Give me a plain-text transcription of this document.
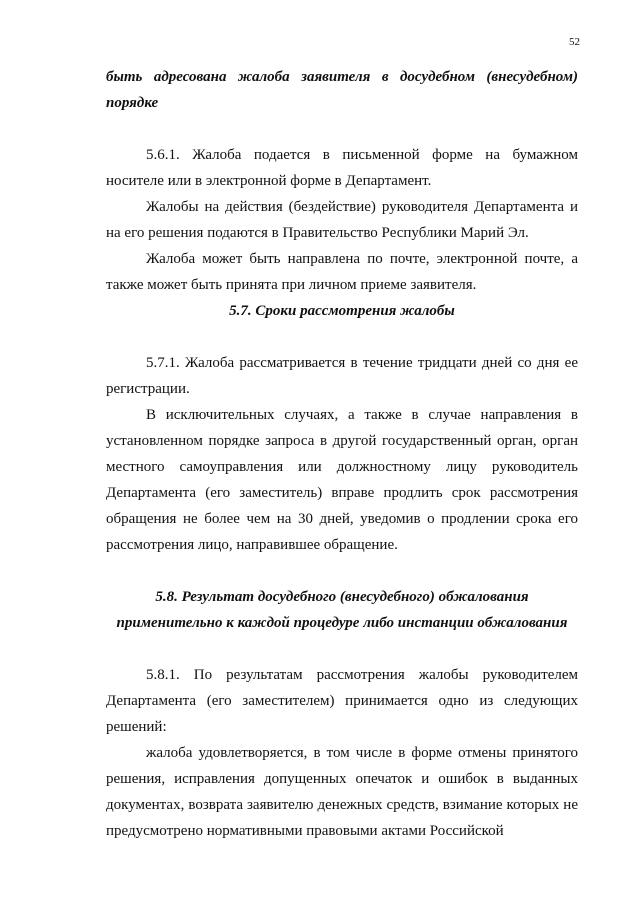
52
быть адресована жалоба заявителя в досудебном (внесудебном)
порядке
5.6.1. Жалоба подается в письменной форме на бумажном носителе или в электронной форме в Департамент.
Жалобы на действия (бездействие) руководителя Департамента и на его решения подаются в Правительство Республики Марий Эл.
Жалоба может быть направлена по почте, электронной почте, а также может быть принята при личном приеме заявителя.
5.7. Сроки рассмотрения жалобы
5.7.1. Жалоба рассматривается в течение тридцати дней со дня ее регистрации.
В исключительных случаях, а также в случае направления в установленном порядке запроса в другой государственный орган, орган местного самоуправления или должностному лицу руководитель Департамента (его заместитель) вправе продлить срок рассмотрения обращения не более чем на 30 дней, уведомив о продлении срока его рассмотрения лицо, направившее обращение.
5.8. Результат досудебного (внесудебного) обжалования
применительно к каждой процедуре либо инстанции обжалования
5.8.1. По результатам рассмотрения жалобы руководителем Департамента (его заместителем) принимается одно из следующих решений:
жалоба удовлетворяется, в том числе в форме отмены принятого решения, исправления допущенных опечаток и ошибок в выданных документах, возврата заявителю денежных средств, взимание которых не предусмотрено нормативными правовыми актами Российской
